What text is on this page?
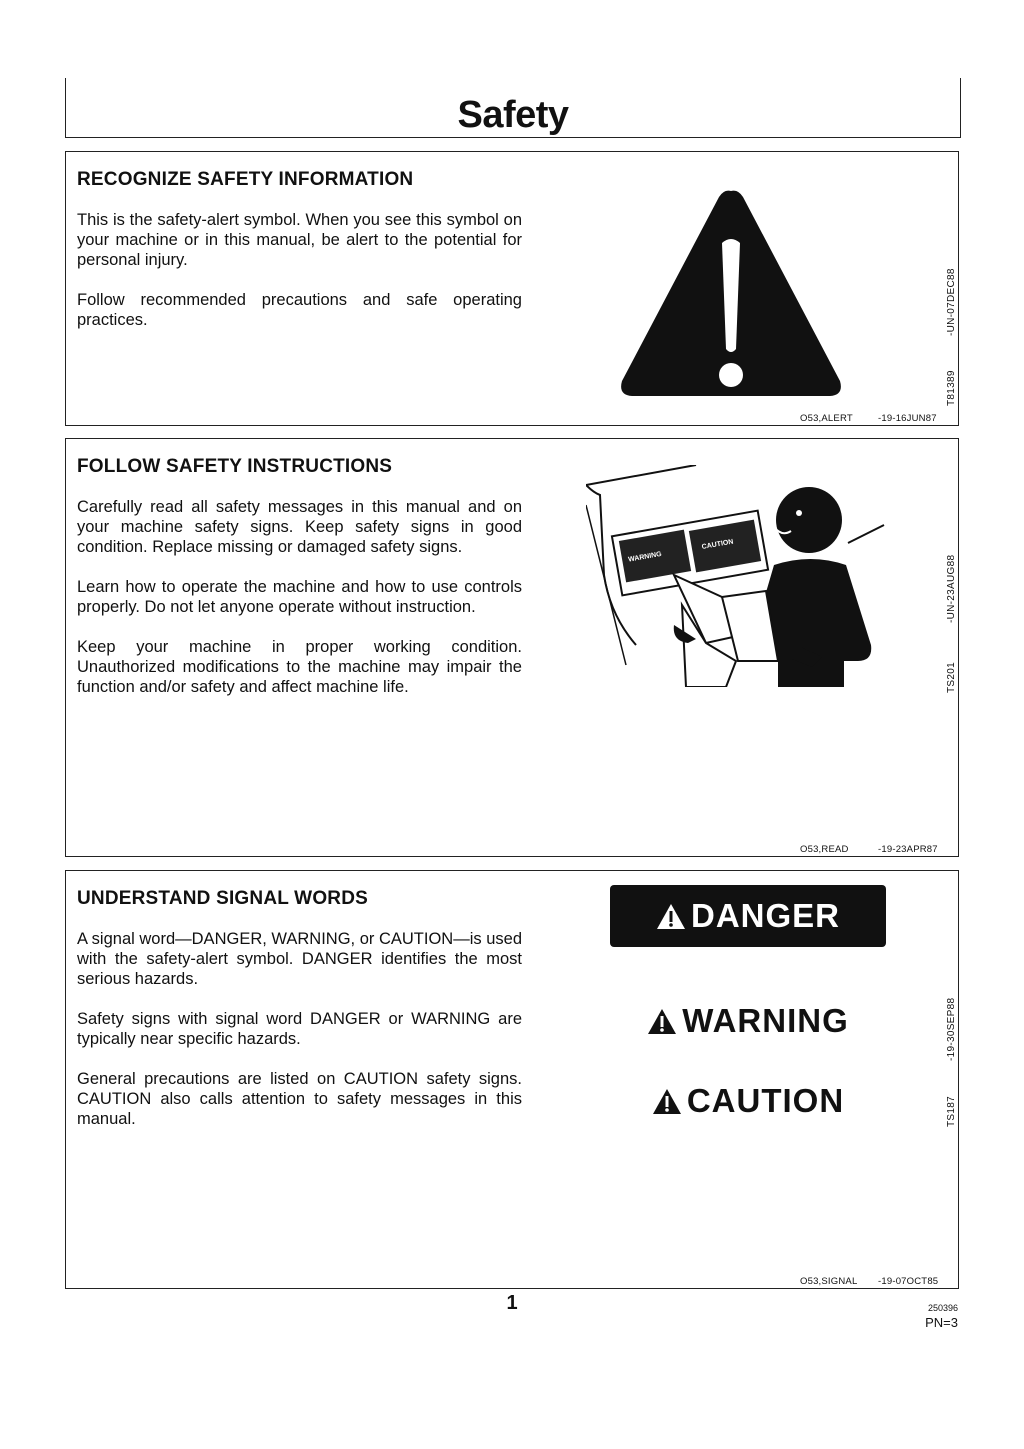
Safety
RECOGNIZE SAFETY INFORMATION

This is the safety-alert symbol. When you see this symbol on your machine or in this manual, be alert to the potential for personal injury.

Follow recommended precautions and safe operating practices.

T81389
-UN-07DEC88
O53,ALERT	-19-16JUN87
FOLLOW SAFETY INSTRUCTIONS

Carefully read all safety messages in this manual and on your machine safety signs. Keep safety signs in good condition. Replace missing or damaged safety signs.

Learn how to operate the machine and how to use controls properly. Do not let anyone operate without instruction.

Keep your machine in proper working condition. Unauthorized modifications to the machine may impair the function and/or safety and affect machine life.

WARNING
CAUTION
TS201
-UN-23AUG88
O53,READ	-19-23APR87
UNDERSTAND SIGNAL WORDS

A signal word—DANGER, WARNING, or CAUTION—is used with the safety-alert symbol. DANGER identifies the most serious hazards.

Safety signs with signal word DANGER or WARNING are typically near specific hazards.

General precautions are listed on CAUTION safety signs. CAUTION also calls attention to safety messages in this manual.

DANGER
WARNING
CAUTION	TS187
-19-30SEP88
O53,SIGNAL -19-07OCT85
1	250396
PN=3
